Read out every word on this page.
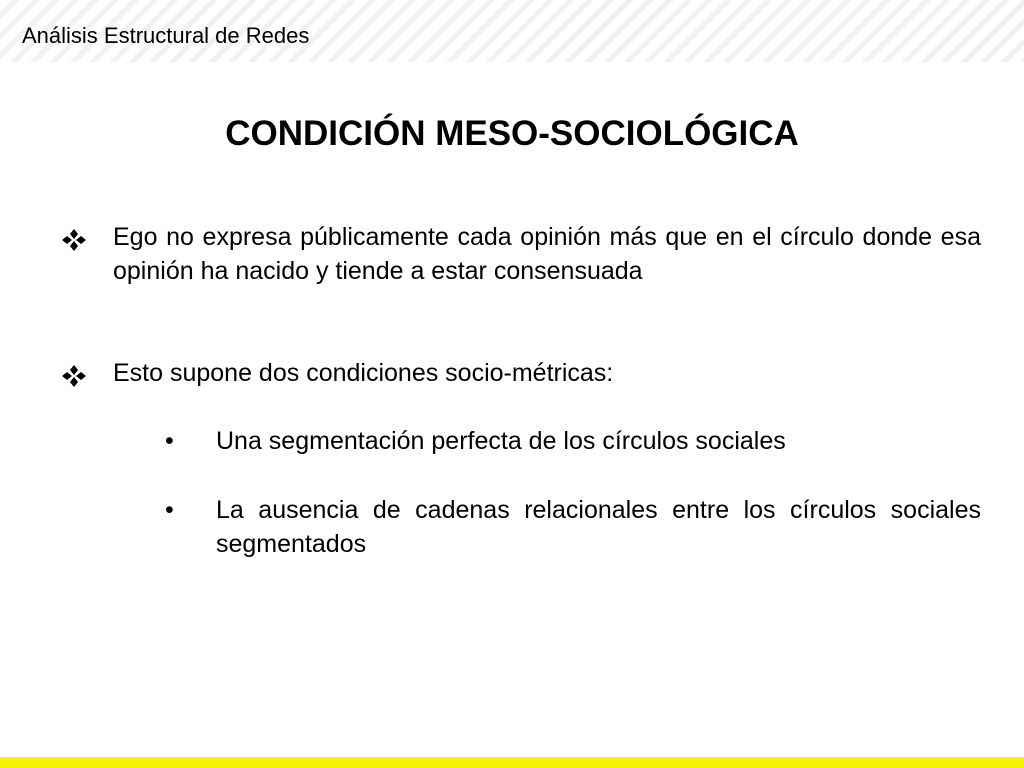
Análisis Estructural de Redes
CONDICIÓN MESO-SOCIOLÓGICA
Ego no expresa públicamente cada opinión más que en el círculo donde esa opinión ha nacido y tiende a estar consensuada
Esto supone dos condiciones socio-métricas:
•	Una segmentación perfecta de los círculos sociales
•	La ausencia de cadenas relacionales entre los círculos sociales segmentados
